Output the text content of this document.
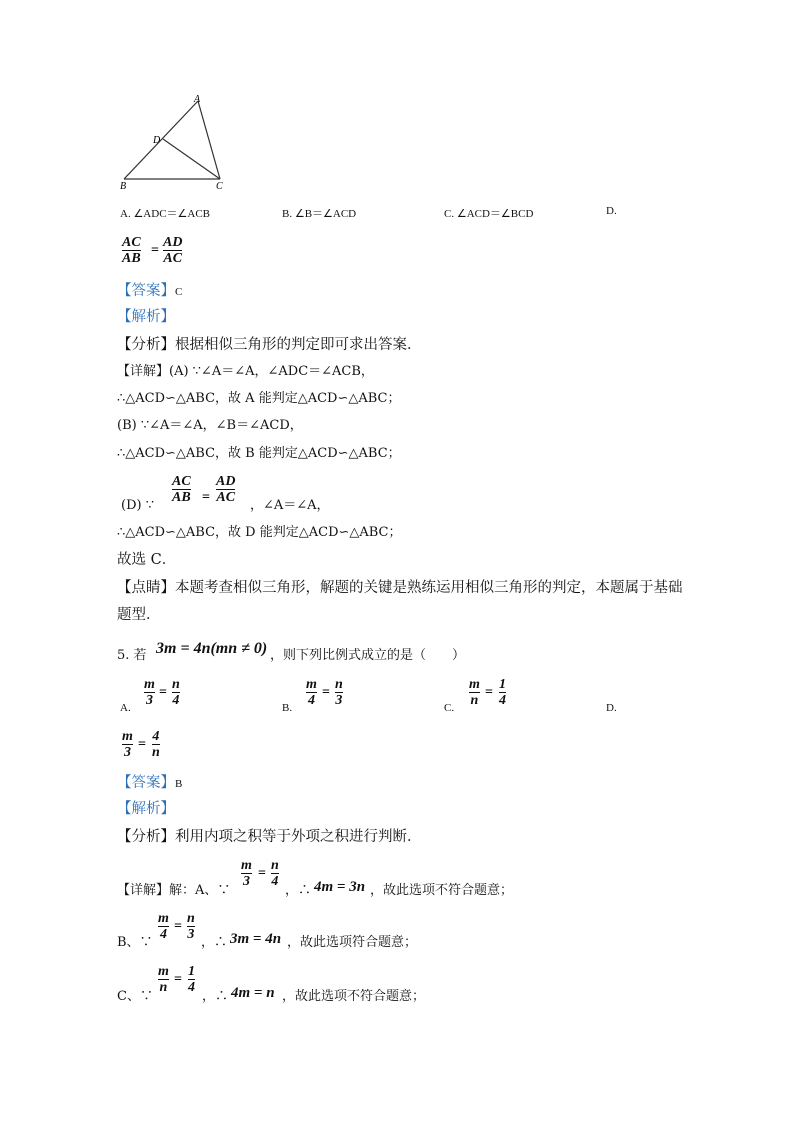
A
D
B	C
A. ∠ADC＝∠ACB	B. ∠B＝∠ACD	C. ∠ACD＝∠BCD	D.
AC
AB
=
AD
AC
【答案】C
【解析】
【分析】根据相似三角形的判定即可求出答案．
【详解】(A) ∵∠A＝∠A，∠ADC＝∠ACB，
∴△ACD∽△ABC，故 A 能判定△ACD∽△ABC；
(B) ∵∠A＝∠A，∠B＝∠ACD，
∴△ACD∽△ABC，故 B 能判定△ACD∽△ABC；
(D) ∵
AC
AB =
AD
AC
，∠A＝∠A，
∴△ACD∽△ABC，故 D 能判定△ACD∽△ABC；
故选 C．
【点睛】本题考查相似三角形，解题的关键是熟练运用相似三角形的判定，本题属于基础
题型．
5. 若 3m = 4n(mn ≠ 0) ，则下列比例式成立的是（　　）
A.
m
3
=
n
4	B.
m
4
=
n
3	C.
m
n
=
1
4	D.
m
3
=
4
n
【答案】B
【解析】
【分析】利用内项之积等于外项之积进行判断．
【详解】解：A、∵
m
3
=
n
4
，∴ 4m = 3n ，故此选项不符合题意；
B、∵
m
4
=
n
3
，∴ 3m = 4n ，故此选项符合题意；
C、∵
m
n
=
1
4
，∴ 4m = n ，故此选项不符合题意；
